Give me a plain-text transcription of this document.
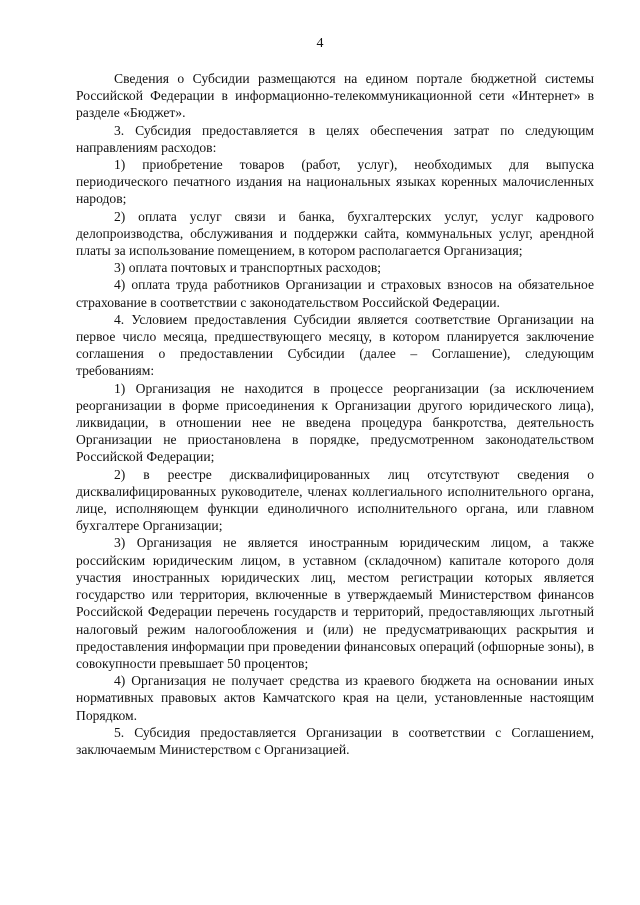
4

Сведения о Субсидии размещаются на едином портале бюджетной системы Российской Федерации в информационно-телекоммуникационной сети «Интернет» в разделе «Бюджет».

3. Субсидия предоставляется в целях обеспечения затрат по следующим направлениям расходов:

1) приобретение товаров (работ, услуг), необходимых для выпуска периодического печатного издания на национальных языках коренных малочисленных народов;

2) оплата услуг связи и банка, бухгалтерских услуг, услуг кадрового делопроизводства, обслуживания и поддержки сайта, коммунальных услуг, арендной платы за использование помещением, в котором располагается Организация;

3) оплата почтовых и транспортных расходов;

4) оплата труда работников Организации и страховых взносов на обязательное страхование в соответствии с законодательством Российской Федерации.

4. Условием предоставления Субсидии является соответствие Организации на первое число месяца, предшествующего месяцу, в котором планируется заключение соглашения о предоставлении Субсидии (далее – Соглашение), следующим требованиям:

1) Организация не находится в процессе реорганизации (за исключением реорганизации в форме присоединения к Организации другого юридического лица), ликвидации, в отношении нее не введена процедура банкротства, деятельность Организации не приостановлена в порядке, предусмотренном законодательством Российской Федерации;

2) в реестре дисквалифицированных лиц отсутствуют сведения о дисквалифицированных руководителе, членах коллегиального исполнительного органа, лице, исполняющем функции единоличного исполнительного органа, или главном бухгалтере Организации;

3) Организация не является иностранным юридическим лицом, а также российским юридическим лицом, в уставном (складочном) капитале которого доля участия иностранных юридических лиц, местом регистрации которых является государство или территория, включенные в утверждаемый Министерством финансов Российской Федерации перечень государств и территорий, предоставляющих льготный налоговый режим налогообложения и (или) не предусматривающих раскрытия и предоставления информации при проведении финансовых операций (офшорные зоны), в совокупности превышает 50 процентов;

4) Организация не получает средства из краевого бюджета на основании иных нормативных правовых актов Камчатского края на цели, установленные настоящим Порядком.

5. Субсидия предоставляется Организации в соответствии с Соглашением, заключаемым Министерством с Организацией.
